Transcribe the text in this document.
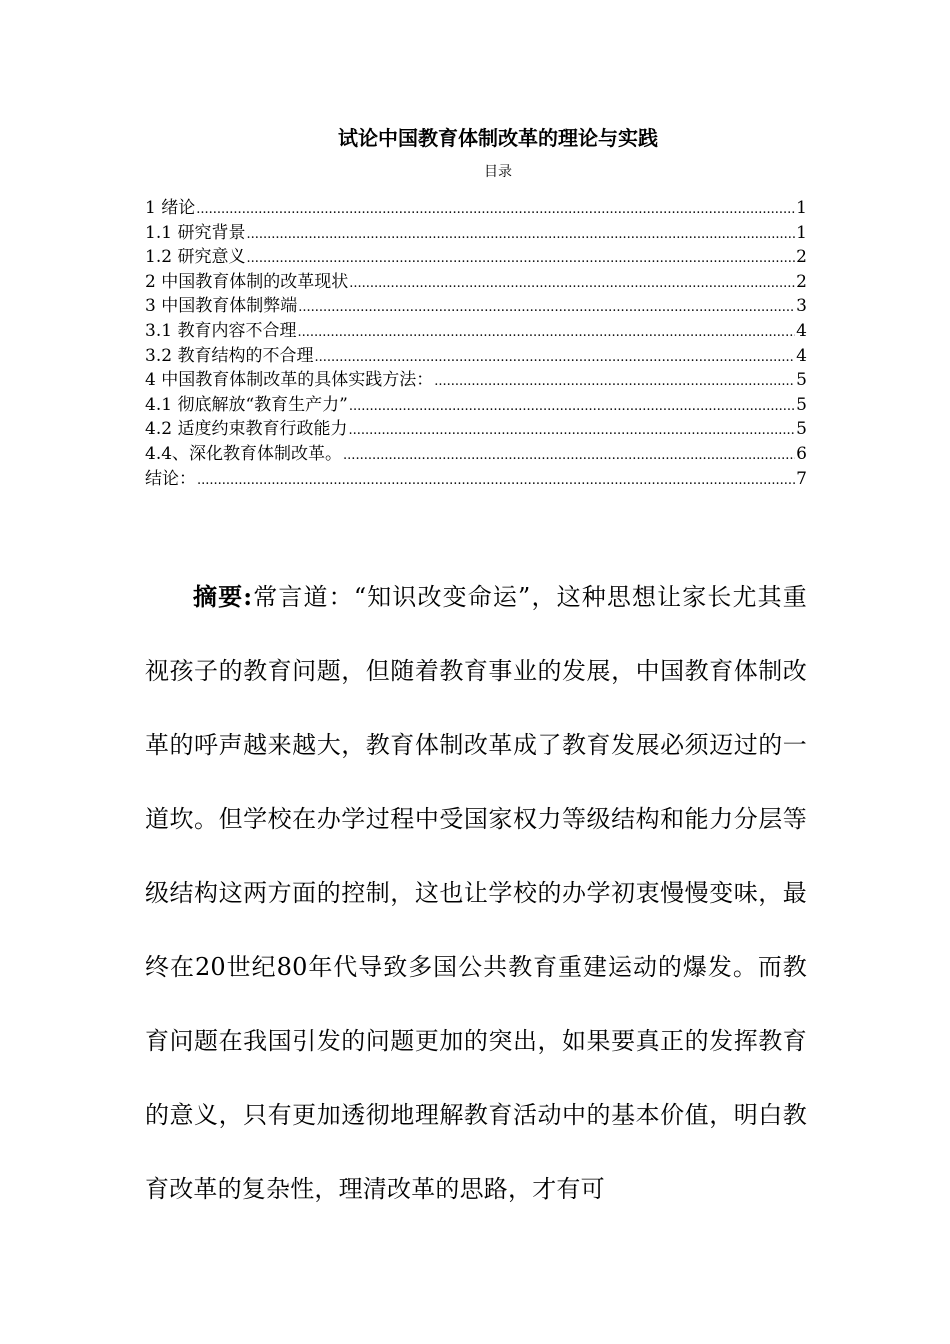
试论中国教育体制改革的理论与实践
目录
1 绪论 .....	1
1.1 研究背景 .....	1
1.2 研究意义 .....	2
2 中国教育体制的改革现状 .....	2
3 中国教育体制弊端 .....	3
3.1 教育内容不合理 .....	4
3.2 教育结构的不合理 .....	4
4 中国教育体制改革的具体实践方法： .....	5
4.1 彻底解放“教育生产力” .....	5
4.2 适度约束教育行政能力 .....	5
4.4、深化教育体制改革。 .....	6
结论： .....	7

摘要:常言道：“知识改变命运”，这种思想让家长尤其重视孩子的教育问题，但随着教育事业的发展，中国教育体制改革的呼声越来越大，教育体制改革成了教育发展必须迈过的一道坎。但学校在办学过程中受国家权力等级结构和能力分层等级结构这两方面的控制，这也让学校的办学初衷慢慢变味，最终在20世纪80年代导致多国公共教育重建运动的爆发。而教育问题在我国引发的问题更加的突出，如果要真正的发挥教育的意义，只有更加透彻地理解教育活动中的基本价值，明白教育改革的复杂性，理清改革的思路，才有可
